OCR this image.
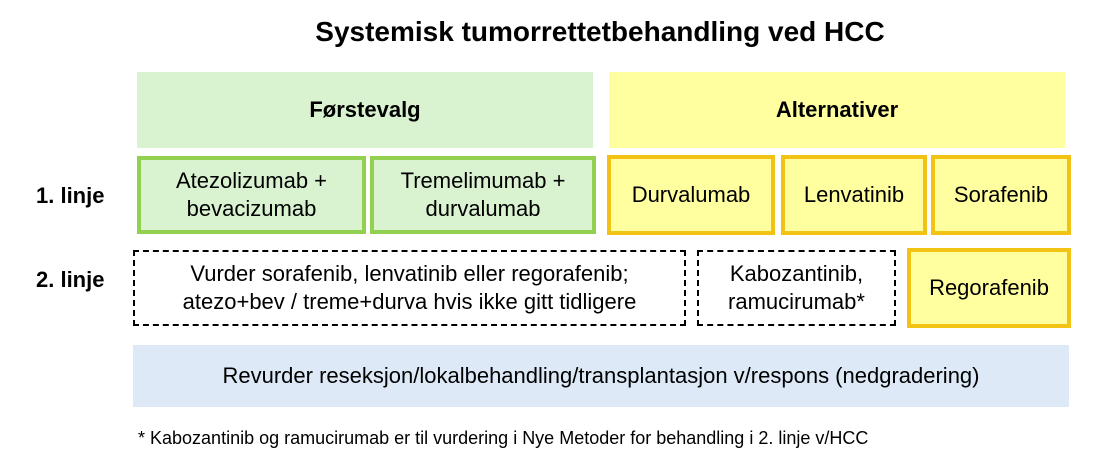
Systemisk tumorrettetbehandling ved HCC
Førstevalg	Alternativer
1. linje
2. linje
Atezolizumab +
bevacizumab
Tremelimumab +
durvalumab
Durvalumab	Lenvatinib	Sorafenib
Vurder sorafenib, lenvatinib eller regorafenib;
atezo+bev / treme+durva hvis ikke gitt tidligere
Kabozantinib,
ramucirumab*
Regorafenib
Revurder reseksjon/lokalbehandling/transplantasjon v/respons (nedgradering)
* Kabozantinib og ramucirumab er til vurdering i Nye Metoder for behandling i 2. linje v/HCC
